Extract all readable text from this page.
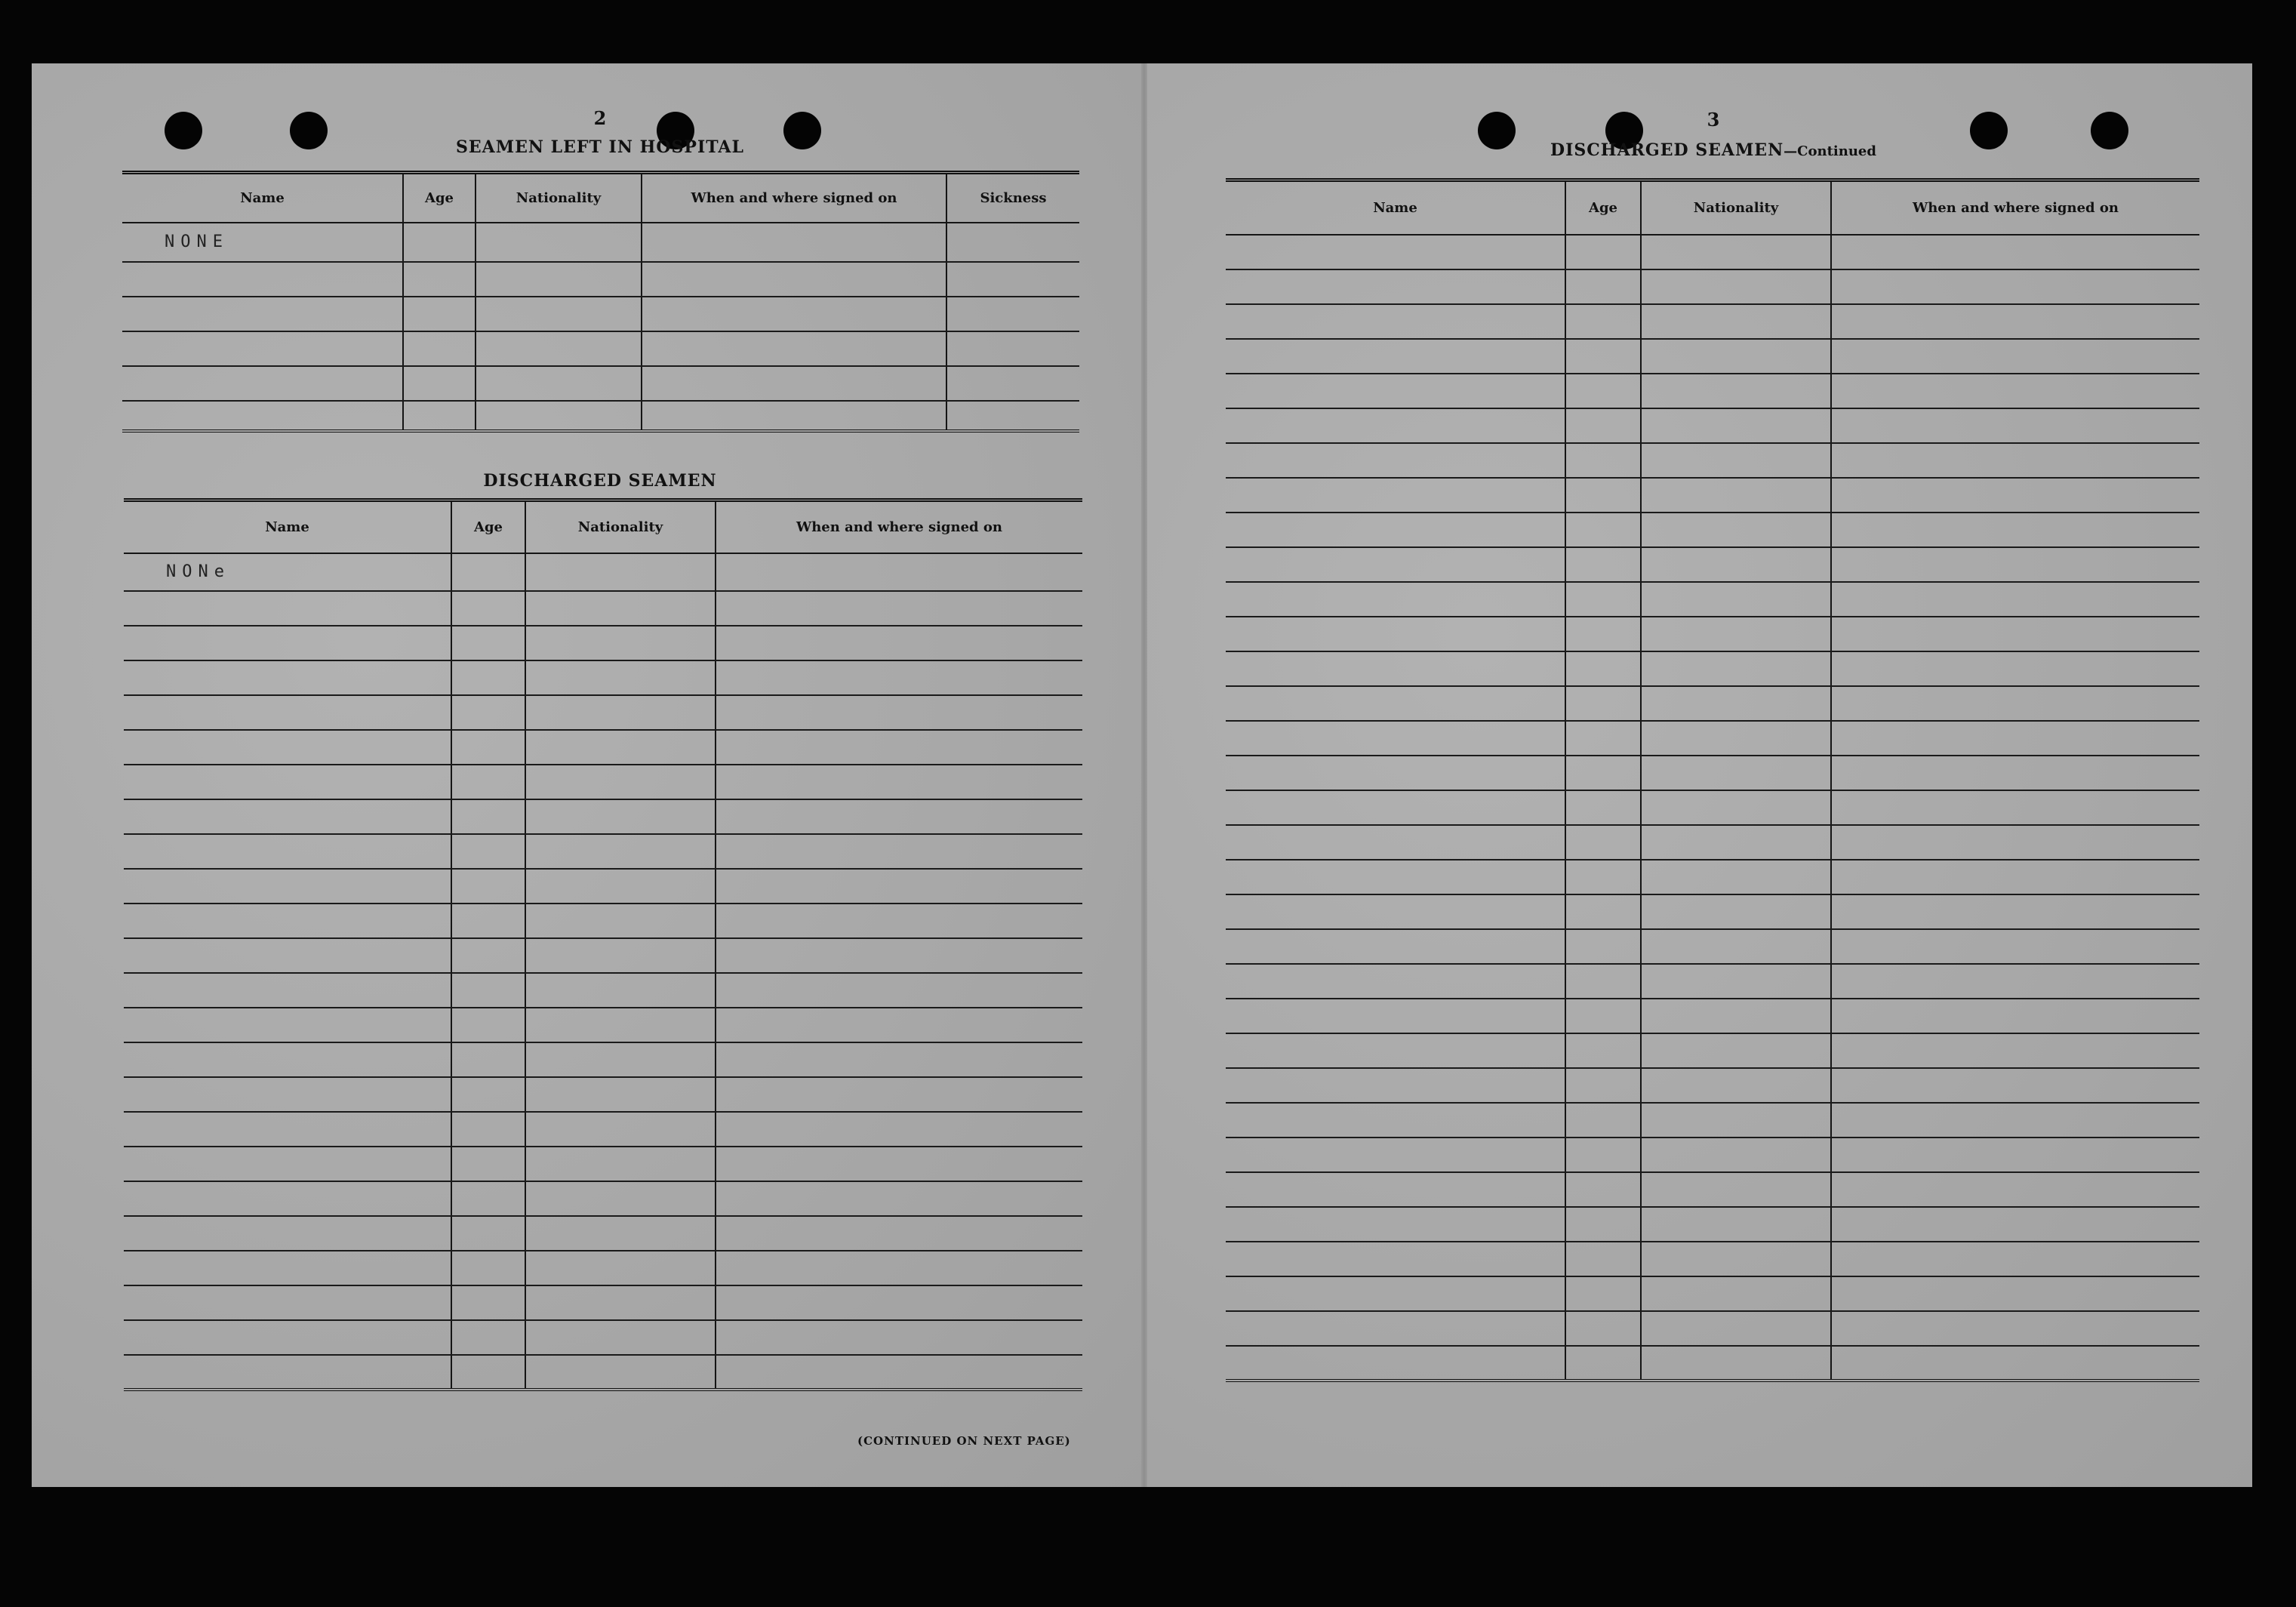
2
SEAMEN LEFT IN HOSPITAL
Name	Age	Nationality	When and where signed on	Sickness
NONE				

DISCHARGED SEAMEN
Name	Age	Nationality	When and where signed on
NONe			

(CONTINUED ON NEXT PAGE)
3
DISCHARGED SEAMEN—Continued
Name	Age	Nationality	When and where signed on
